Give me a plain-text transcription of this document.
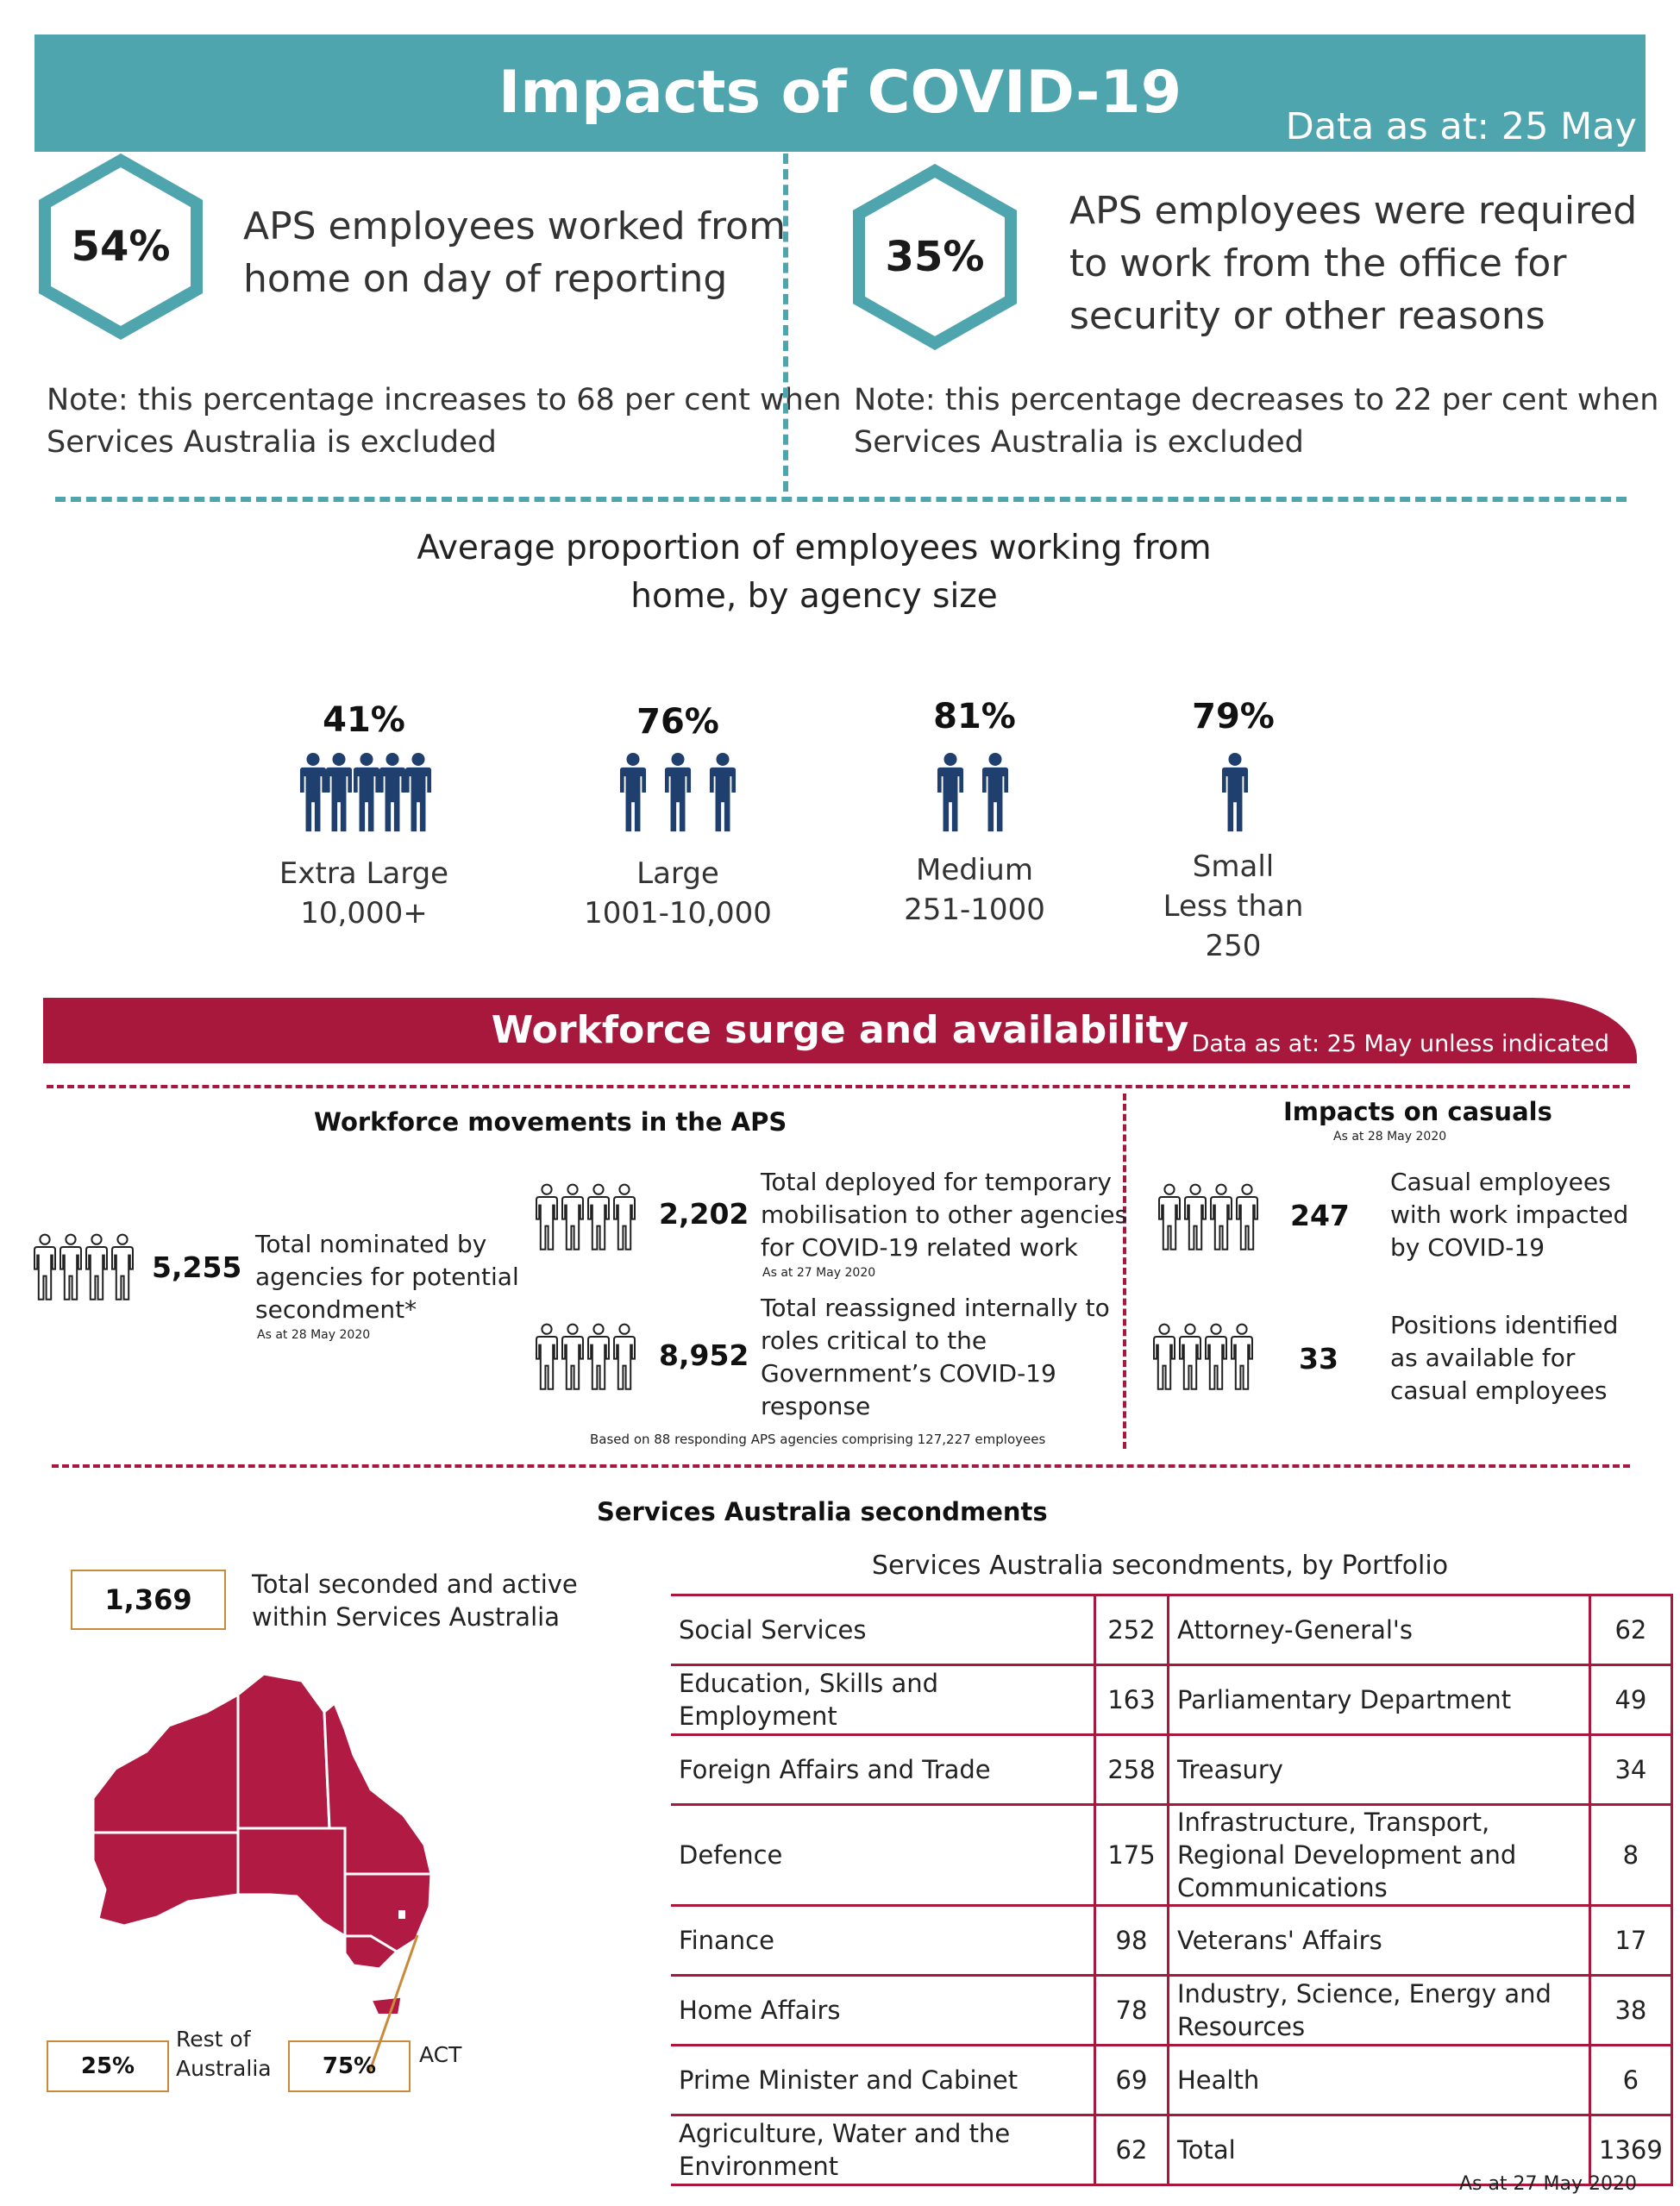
Impacts of COVID-19	Data as at: 25 May
54%	APS employees worked from
home on day of reporting
Note: this percentage increases to 68 per cent when
Services Australia is excluded
35%
APS employees were required
to work from the office for
security or other reasons
Note: this percentage decreases to 22 per cent when
Services Australia is excluded
Average proportion of employees working from
home, by agency size
41%
Extra Large
10,000+
76%
Large
1001-10,000
81%
Medium
251-1000
79%
Small
Less than
250
Workforce surge and availability Data as at: 25 May unless indicated
Workforce movements in the APS
5,255
Total nominated by
agencies for potential
secondment*
As at 28 May 2020
2,202
Total deployed for temporary
mobilisation to other agencies
for COVID-19 related work
As at 27 May 2020
8,952
Total reassigned internally to
roles critical to the
Government’s COVID-19
response
Based on 88 responding APS agencies comprising 127,227 employees
Impacts on casuals
As at 28 May 2020
247
Casual employees
with work impacted
by COVID-19
33
Positions identified
as available for
casual employees
Services Australia secondments
1,369	Total seconded and active
within Services Australia
25%
Rest of
Australia	75%	ACT
Services Australia secondments, by Portfolio
Social Services	252	Attorney-General's	62
Education, Skills and Employment	163	Parliamentary Department	49
Foreign Affairs and Trade	258	Treasury	34
Defence	175	Infrastructure, Transport, Regional Development and Communications	8
Finance	98	Veterans' Affairs	17
Home Affairs	78	Industry, Science, Energy and Resources	38
Prime Minister and Cabinet	69	Health	6
Agriculture, Water and the Environment	62	Total	1369
As at 27 May 2020
